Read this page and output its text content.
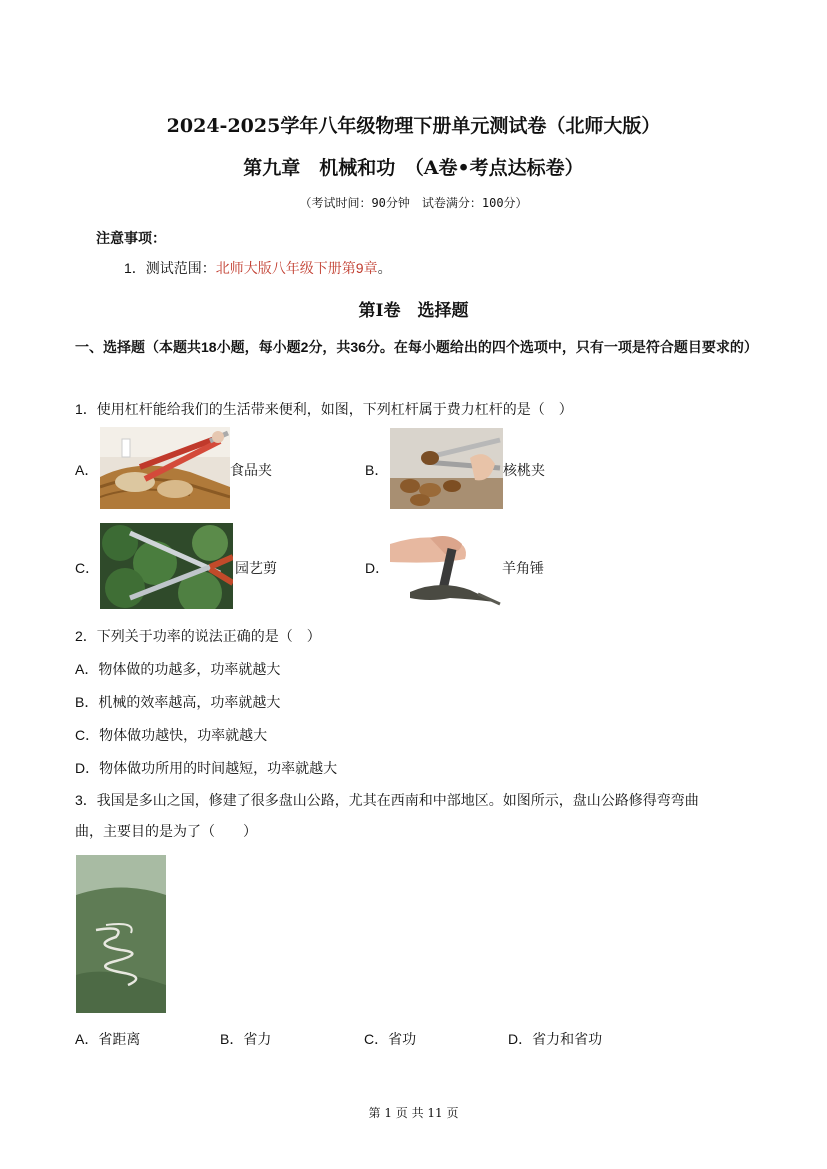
2024-2025学年八年级物理下册单元测试卷（北师大版）
第九章　机械和功　（A卷•考点达标卷）
（考试时间：90分钟　试卷满分：100分）
注意事项：
1．测试范围：北师大版八年级下册第9章。
第Ⅰ卷　选择题
一、选择题（本题共18小题，每小题2分，共36分。在每小题给出的四个选项中，只有一项是符合题目要求的）
1．使用杠杆能给我们的生活带来便利，如图，下列杠杆属于费力杠杆的是（　）
A．	食品夹	B．	核桃夹
C．	园艺剪	D．	羊角锤
2．下列关于功率的说法正确的是（　）
A．物体做的功越多，功率就越大
B．机械的效率越高，功率就越大
C．物体做功越快，功率就越大
D．物体做功所用的时间越短，功率就越大
3．我国是多山之国，修建了很多盘山公路，尤其在西南和中部地区。如图所示，盘山公路修得弯弯曲
曲，主要目的是为了（　　）
A．省距离	B．省力	C．省功	D．省力和省功
第 1 页 共 11 页
